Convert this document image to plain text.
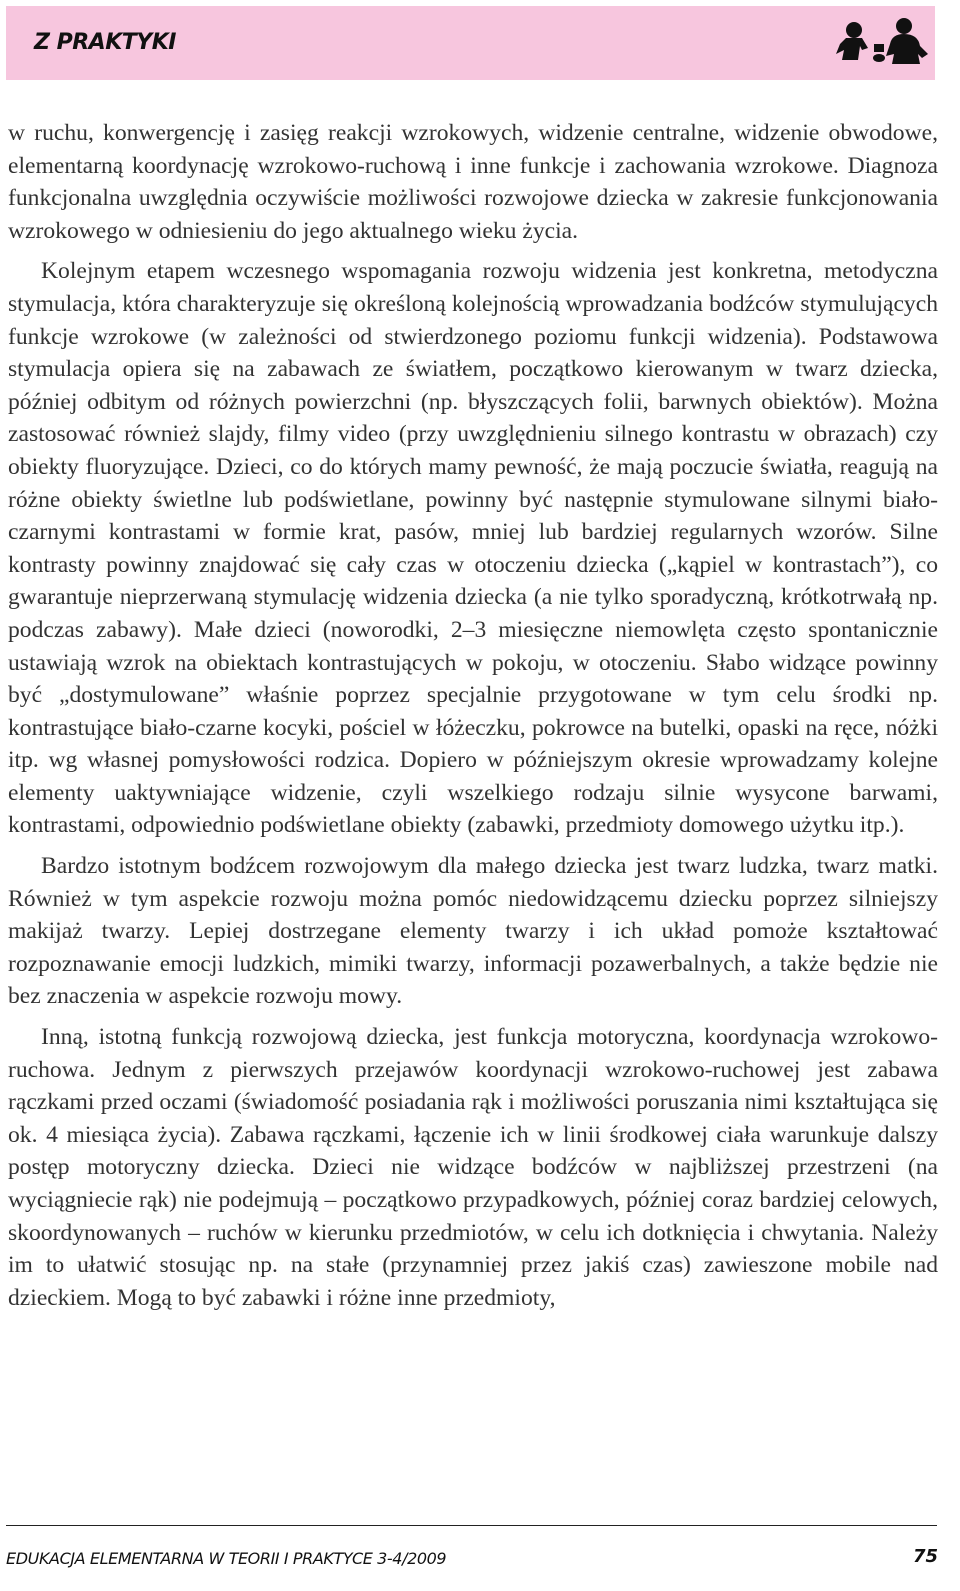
Z PRAKTYKI

w ruchu, konwergencję i zasięg reakcji wzrokowych, widzenie centralne, widzenie obwodowe, elementarną koordynację wzrokowo-ruchową i inne funkcje i zachowania wzrokowe. Diagnoza funkcjonalna uwzględnia oczywiście możliwości rozwojowe dziecka w zakresie funkcjonowania wzrokowego w odniesieniu do jego aktualnego wieku życia.

Kolejnym etapem wczesnego wspomagania rozwoju widzenia jest konkretna, metodyczna stymulacja, która charakteryzuje się określoną kolejnością wprowadzania bodźców stymulujących funkcje wzrokowe (w zależności od stwierdzonego poziomu funkcji widzenia). Podstawowa stymulacja opiera się na zabawach ze światłem, początkowo kierowanym w twarz dziecka, później odbitym od różnych powierzchni (np. błyszczących folii, barwnych obiektów). Można zastosować również slajdy, filmy video (przy uwzględnieniu silnego kontrastu w obrazach) czy obiekty fluoryzujące. Dzieci, co do których mamy pewność, że mają poczucie światła, reagują na różne obiekty świetlne lub podświetlane, powinny być następnie stymulowane silnymi biało-czarnymi kontrastami w formie krat, pasów, mniej lub bardziej regularnych wzorów. Silne kontrasty powinny znajdować się cały czas w otoczeniu dziecka („kąpiel w kontrastach”), co gwarantuje nieprzerwaną stymulację widzenia dziecka (a nie tylko sporadyczną, krótkotrwałą np. podczas zabawy). Małe dzieci (noworodki, 2–3 miesięczne niemowlęta często spontanicznie ustawiają wzrok na obiektach kontrastujących w pokoju, w otoczeniu. Słabo widzące powinny być „dostymulowane” właśnie poprzez specjalnie przygotowane w tym celu środki np. kontrastujące biało-czarne kocyki, pościel w łóżeczku, pokrowce na butelki, opaski na ręce, nóżki itp. wg własnej pomysłowości rodzica. Dopiero w późniejszym okresie wprowadzamy kolejne elementy uaktywniające widzenie, czyli wszelkiego rodzaju silnie wysycone barwami, kontrastami, odpowiednio podświetlane obiekty (zabawki, przedmioty domowego użytku itp.).

Bardzo istotnym bodźcem rozwojowym dla małego dziecka jest twarz ludzka, twarz matki. Również w tym aspekcie rozwoju można pomóc niedowidzącemu dziecku poprzez silniejszy makijaż twarzy. Lepiej dostrzegane elementy twarzy i ich układ pomoże kształtować rozpoznawanie emocji ludzkich, mimiki twarzy, informacji pozawerbalnych, a także będzie nie bez znaczenia w aspekcie rozwoju mowy.

Inną, istotną funkcją rozwojową dziecka, jest funkcja motoryczna, koordynacja wzrokowo-ruchowa. Jednym z pierwszych przejawów koordynacji wzrokowo-ruchowej jest zabawa rączkami przed oczami (świadomość posiadania rąk i możliwości poruszania nimi kształtująca się ok. 4 miesiąca życia). Zabawa rączkami, łączenie ich w linii środkowej ciała warunkuje dalszy postęp motoryczny dziecka. Dzieci nie widzące bodźców w najbliższej przestrzeni (na wyciągniecie rąk) nie podejmują – początkowo przypadkowych, później coraz bardziej celowych, skoordynowanych – ruchów w kierunku przedmiotów, w celu ich dotknięcia i chwytania. Należy im to ułatwić stosując np. na stałe (przynamniej przez jakiś czas) zawieszone mobile nad dzieckiem. Mogą to być zabawki i różne inne przedmioty,

EDUKACJA ELEMENTARNA W TEORII I PRAKTYCE 3-4/2009	75
